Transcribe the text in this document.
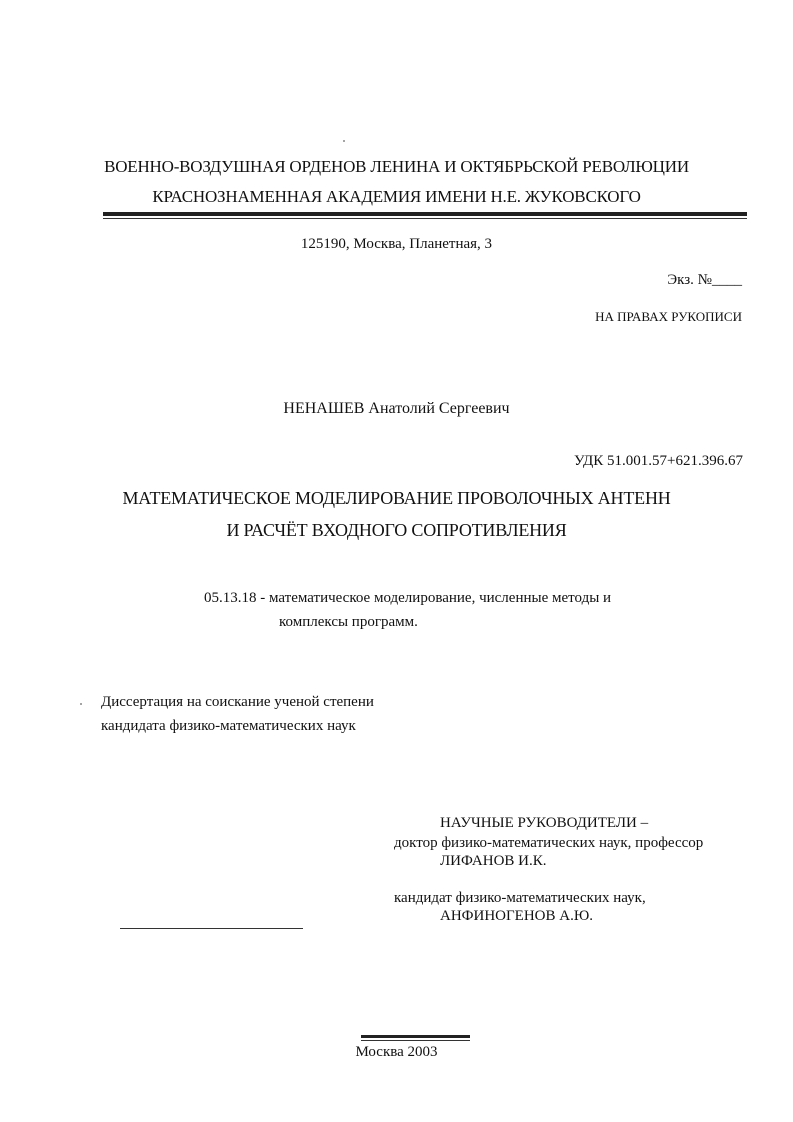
ВОЕННО-ВОЗДУШНАЯ ОРДЕНОВ ЛЕНИНА И ОКТЯБРЬСКОЙ РЕВОЛЮЦИИ
КРАСНОЗНАМЕННАЯ АКАДЕМИЯ ИМЕНИ Н.Е. ЖУКОВСКОГО
125190, Москва, Планетная, 3
Экз. №____
НА ПРАВАХ РУКОПИСИ
НЕНАШЕВ Анатолий Сергеевич
УДК 51.001.57+621.396.67
МАТЕМАТИЧЕСКОЕ МОДЕЛИРОВАНИЕ ПРОВОЛОЧНЫХ АНТЕНН
И РАСЧЁТ ВХОДНОГО СОПРОТИВЛЕНИЯ
05.13.18 - математическое моделирование, численные методы и
комплексы программ.
Диссертация на соискание ученой степени
кандидата физико-математических наук
НАУЧНЫЕ РУКОВОДИТЕЛИ –
доктор физико-математических наук, профессор
ЛИФАНОВ И.К.
кандидат физико-математических наук,
АНФИНОГЕНОВ А.Ю.
Москва 2003
